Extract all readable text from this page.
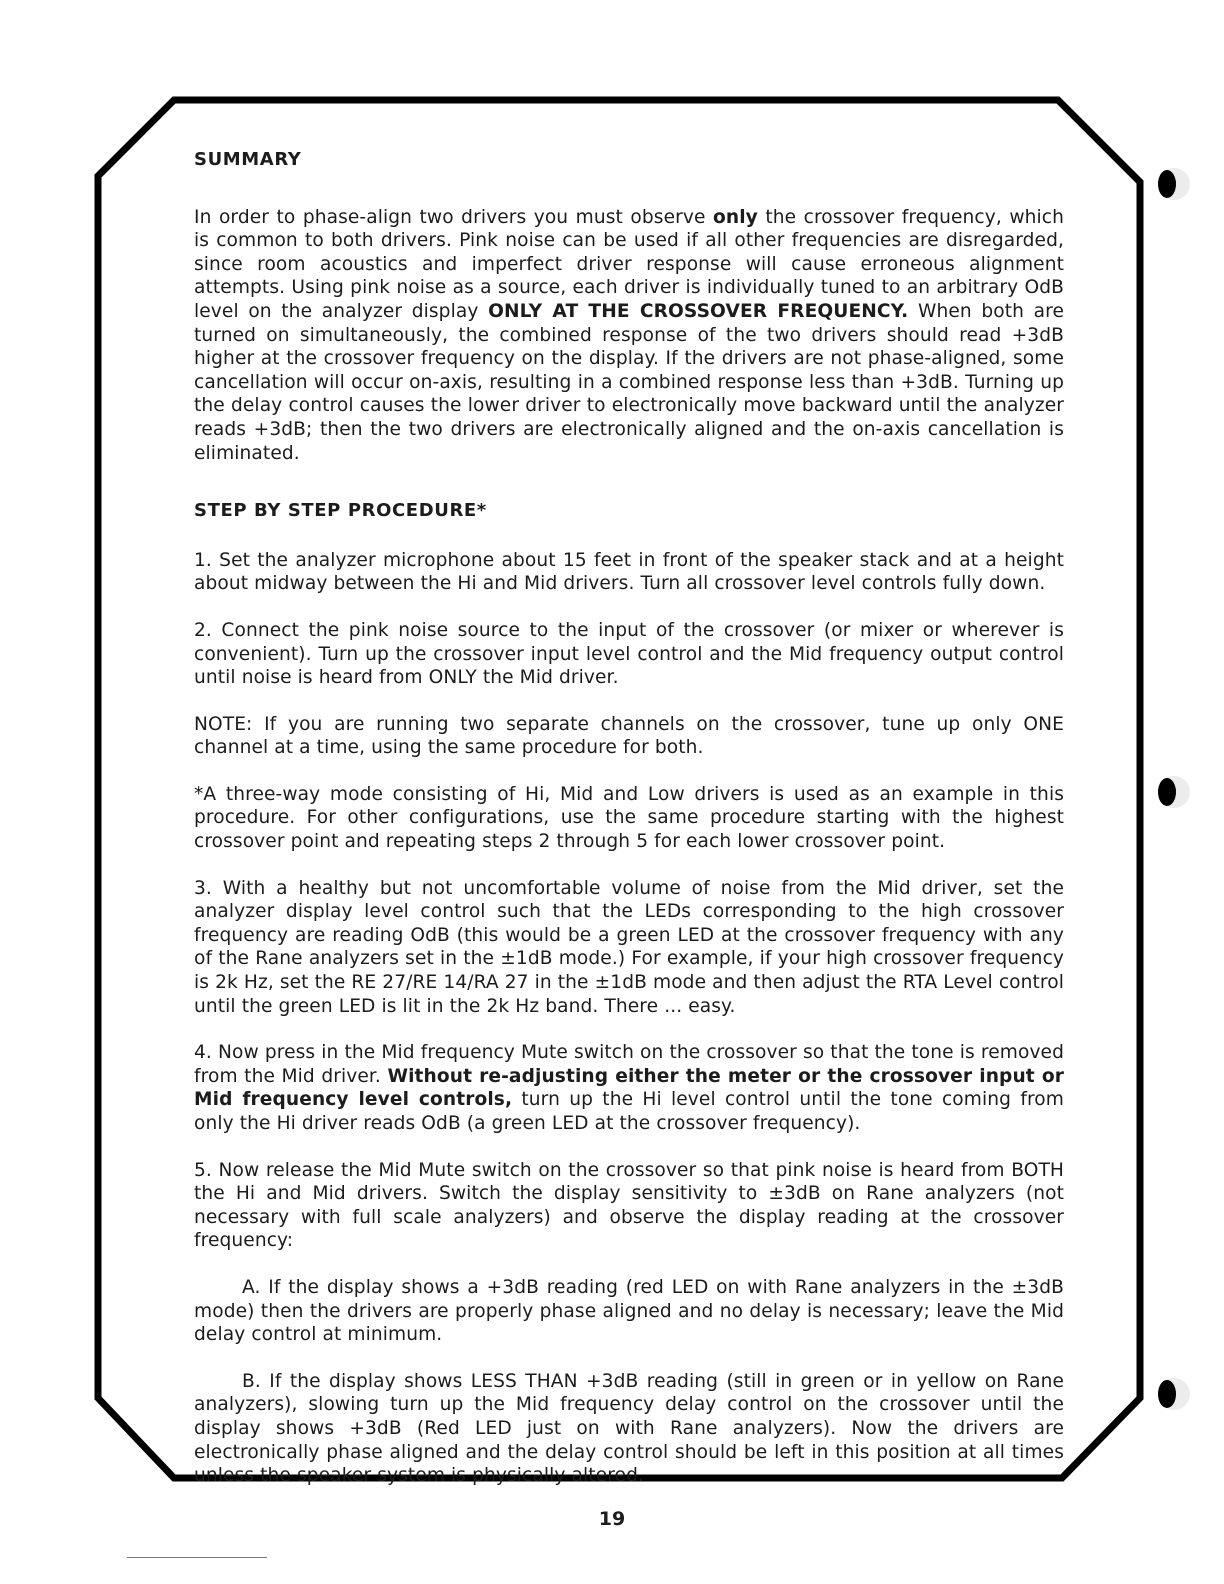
SUMMARY

In order to phase-align two drivers you must observe only the crossover frequency, which is common to both drivers. Pink noise can be used if all other frequencies are disregarded, since room acoustics and imperfect driver response will cause erroneous alignment attempts. Using pink noise as a source, each driver is individually tuned to an arbitrary OdB level on the analyzer display ONLY AT THE CROSSOVER FREQUENCY. When both are turned on simultaneously, the combined response of the two drivers should read +3dB higher at the crossover frequency on the display. If the drivers are not phase-aligned, some cancellation will occur on-axis, resulting in a combined response less than +3dB. Turning up the delay control causes the lower driver to electronically move backward until the analyzer reads +3dB; then the two drivers are electronically aligned and the on-axis cancellation is eliminated.

STEP BY STEP PROCEDURE*

1. Set the analyzer microphone about 15 feet in front of the speaker stack and at a height about midway between the Hi and Mid drivers. Turn all crossover level controls fully down.

2. Connect the pink noise source to the input of the crossover (or mixer or wherever is convenient). Turn up the crossover input level control and the Mid frequency output control until noise is heard from ONLY the Mid driver.

NOTE: If you are running two separate channels on the crossover, tune up only ONE channel at a time, using the same procedure for both.

*A three-way mode consisting of Hi, Mid and Low drivers is used as an example in this procedure. For other configurations, use the same procedure starting with the highest crossover point and repeating steps 2 through 5 for each lower crossover point.

3. With a healthy but not uncomfortable volume of noise from the Mid driver, set the analyzer display level control such that the LEDs corresponding to the high crossover frequency are reading OdB (this would be a green LED at the crossover frequency with any of the Rane analyzers set in the ±1dB mode.) For example, if your high crossover frequency is 2k Hz, set the RE 27/RE 14/RA 27 in the ±1dB mode and then adjust the RTA Level control until the green LED is lit in the 2k Hz band. There ... easy.

4. Now press in the Mid frequency Mute switch on the crossover so that the tone is removed from the Mid driver. Without re-adjusting either the meter or the crossover input or Mid frequency level controls, turn up the Hi level control until the tone coming from only the Hi driver reads OdB (a green LED at the crossover frequency).

5. Now release the Mid Mute switch on the crossover so that pink noise is heard from BOTH the Hi and Mid drivers. Switch the display sensitivity to ±3dB on Rane analyzers (not necessary with full scale analyzers) and observe the display reading at the crossover frequency:

A. If the display shows a +3dB reading (red LED on with Rane analyzers in the ±3dB mode) then the drivers are properly phase aligned and no delay is necessary; leave the Mid delay control at minimum.

B. If the display shows LESS THAN +3dB reading (still in green or in yellow on Rane analyzers), slowing turn up the Mid frequency delay control on the crossover until the display shows +3dB (Red LED just on with Rane analyzers). Now the drivers are electronically phase aligned and the delay control should be left in this position at all times unless the speaker system is physically altered.

19
